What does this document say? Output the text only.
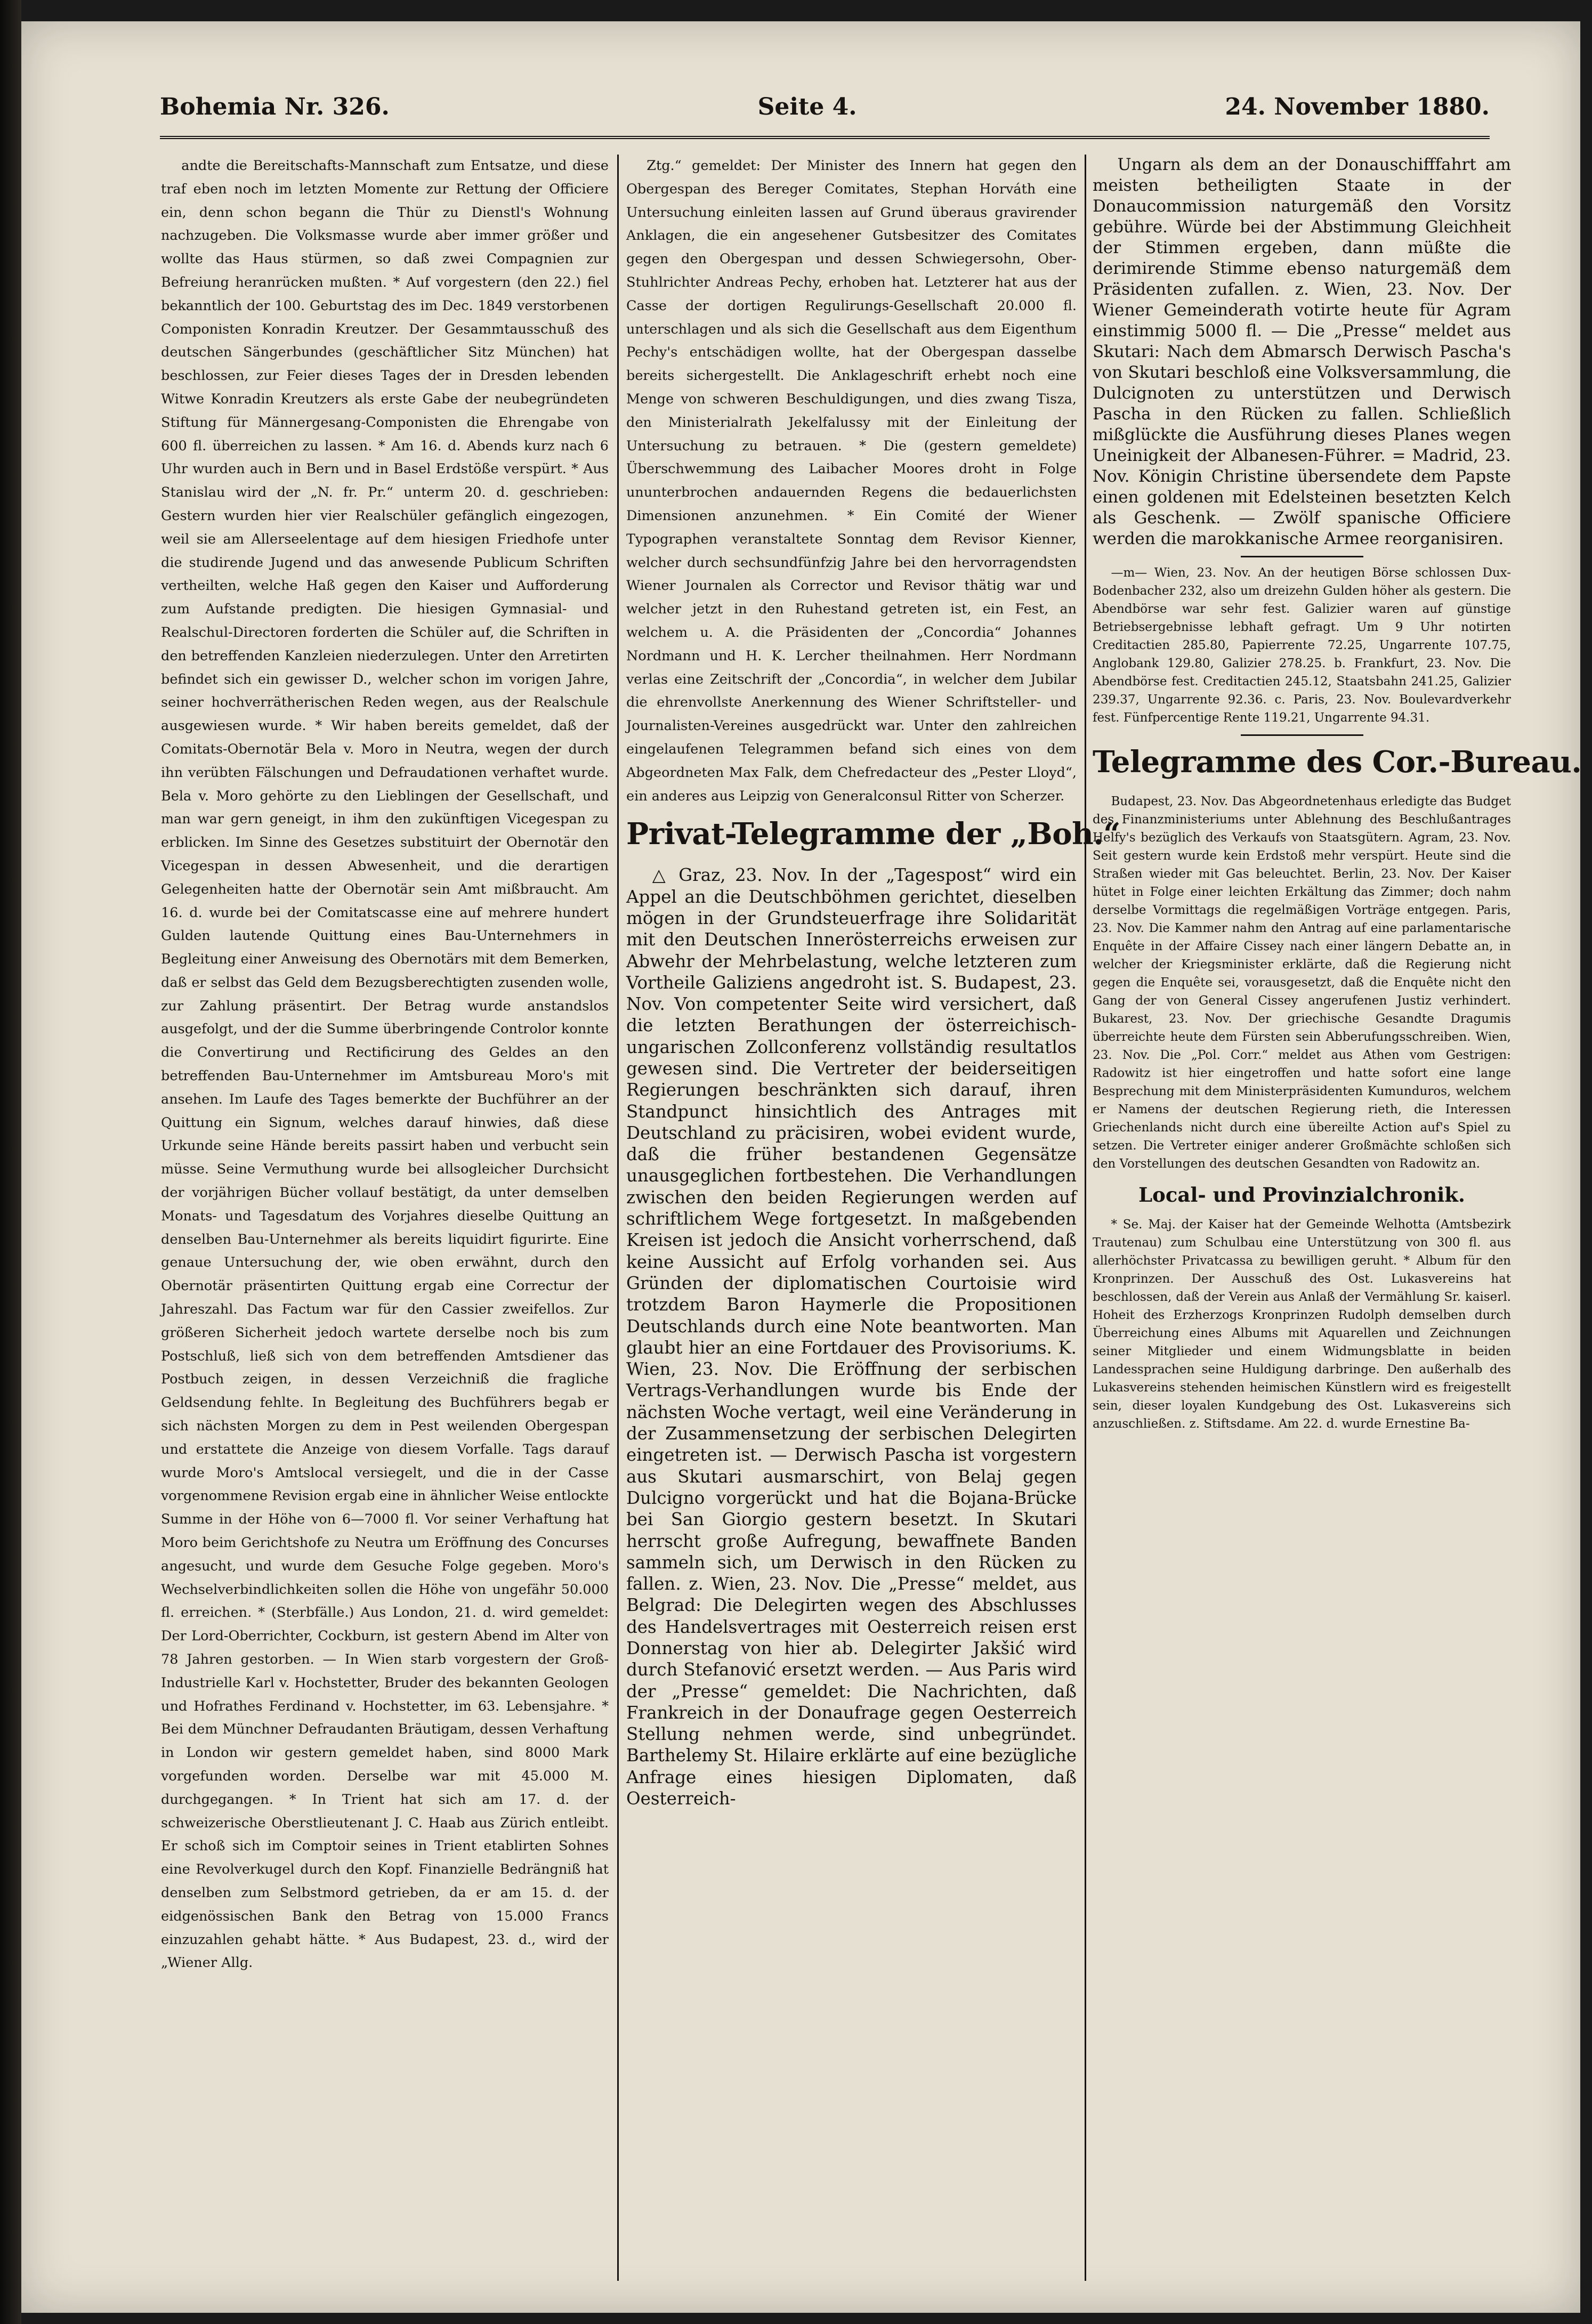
Bohemia Nr. 326.	Seite 4.	24. November 1880.

andte die Bereitschafts-Mannschaft zum Entsatze, und diese traf eben noch im letzten Momente zur Rettung der Officiere ein, denn schon begann die Thür zu Dienstl's Wohnung nachzugeben. Die Volksmasse wurde aber immer größer und wollte das Haus stürmen, so daß zwei Compagnien zur Befreiung heranrücken mußten. * Auf vorgestern (den 22.) fiel bekanntlich der 100. Geburtstag des im Dec. 1849 verstorbenen Componisten Konradin Kreutzer. Der Gesammtausschuß des deutschen Sängerbundes (geschäftlicher Sitz München) hat beschlossen, zur Feier dieses Tages der in Dresden lebenden Witwe Konradin Kreutzers als erste Gabe der neubegründeten Stiftung für Männergesang-Componisten die Ehrengabe von 600 fl. überreichen zu lassen. * Am 16. d. Abends kurz nach 6 Uhr wurden auch in Bern und in Basel Erdstöße verspürt. * Aus Stanislau wird der „N. fr. Pr.“ unterm 20. d. geschrieben: Gestern wurden hier vier Realschüler gefänglich eingezogen, weil sie am Allerseelentage auf dem hiesigen Friedhofe unter die studirende Jugend und das anwesende Publicum Schriften vertheilten, welche Haß gegen den Kaiser und Aufforderung zum Aufstande predigten. Die hiesigen Gymnasial- und Realschul-Directoren forderten die Schüler auf, die Schriften in den betreffenden Kanzleien niederzulegen. Unter den Arretirten befindet sich ein gewisser D., welcher schon im vorigen Jahre, seiner hochverrätherischen Reden wegen, aus der Realschule ausgewiesen wurde. * Wir haben bereits gemeldet, daß der Comitats-Obernotär Bela v. Moro in Neutra, wegen der durch ihn verübten Fälschungen und Defraudationen verhaftet wurde. Bela v. Moro gehörte zu den Lieblingen der Gesellschaft, und man war gern geneigt, in ihm den zukünftigen Vicegespan zu erblicken. Im Sinne des Gesetzes substituirt der Obernotär den Vicegespan in dessen Abwesenheit, und die derartigen Gelegenheiten hatte der Obernotär sein Amt mißbraucht. Am 16. d. wurde bei der Comitatscasse eine auf mehrere hundert Gulden lautende Quittung eines Bau-Unternehmers in Begleitung einer Anweisung des Obernotärs mit dem Bemerken, daß er selbst das Geld dem Bezugsberechtigten zusenden wolle, zur Zahlung präsentirt. Der Betrag wurde anstandslos ausgefolgt, und der die Summe überbringende Controlor konnte die Convertirung und Rectificirung des Geldes an den betreffenden Bau-Unternehmer im Amtsbureau Moro's mit ansehen. Im Laufe des Tages bemerkte der Buchführer an der Quittung ein Signum, welches darauf hinwies, daß diese Urkunde seine Hände bereits passirt haben und verbucht sein müsse. Seine Vermuthung wurde bei allsogleicher Durchsicht der vorjährigen Bücher vollauf bestätigt, da unter demselben Monats- und Tagesdatum des Vorjahres dieselbe Quittung an denselben Bau-Unternehmer als bereits liquidirt figurirte. Eine genaue Untersuchung der, wie oben erwähnt, durch den Obernotär präsentirten Quittung ergab eine Correctur der Jahreszahl. Das Factum war für den Cassier zweifellos. Zur größeren Sicherheit jedoch wartete derselbe noch bis zum Postschluß, ließ sich von dem betreffenden Amtsdiener das Postbuch zeigen, in dessen Verzeichniß die fragliche Geldsendung fehlte. In Begleitung des Buchführers begab er sich nächsten Morgen zu dem in Pest weilenden Obergespan und erstattete die Anzeige von diesem Vorfalle. Tags darauf wurde Moro's Amtslocal versiegelt, und die in der Casse vorgenommene Revision ergab eine in ähnlicher Weise entlockte Summe in der Höhe von 6—7000 fl. Vor seiner Verhaftung hat Moro beim Gerichtshofe zu Neutra um Eröffnung des Concurses angesucht, und wurde dem Gesuche Folge gegeben. Moro's Wechselverbindlichkeiten sollen die Höhe von ungefähr 50.000 fl. erreichen. * (Sterbfälle.) Aus London, 21. d. wird gemeldet: Der Lord-Oberrichter, Cockburn, ist gestern Abend im Alter von 78 Jahren gestorben. — In Wien starb vorgestern der Groß-Industrielle Karl v. Hochstetter, Bruder des bekannten Geologen und Hofrathes Ferdinand v. Hochstetter, im 63. Lebensjahre. * Bei dem Münchner Defraudanten Bräutigam, dessen Verhaftung in London wir gestern gemeldet haben, sind 8000 Mark vorgefunden worden. Derselbe war mit 45.000 M. durchgegangen. * In Trient hat sich am 17. d. der schweizerische Oberstlieutenant J. C. Haab aus Zürich entleibt. Er schoß sich im Comptoir seines in Trient etablirten Sohnes eine Revolverkugel durch den Kopf. Finanzielle Bedrängniß hat denselben zum Selbstmord getrieben, da er am 15. d. der eidgenössischen Bank den Betrag von 15.000 Francs einzuzahlen gehabt hätte. * Aus Budapest, 23. d., wird der „Wiener Allg.

Ztg.“ gemeldet: Der Minister des Innern hat gegen den Obergespan des Bereger Comitates, Stephan Horváth eine Untersuchung einleiten lassen auf Grund überaus gravirender Anklagen, die ein angesehener Gutsbesitzer des Comitates gegen den Obergespan und dessen Schwiegersohn, Ober-Stuhlrichter Andreas Pechy, erhoben hat. Letzterer hat aus der Casse der dortigen Regulirungs-Gesellschaft 20.000 fl. unterschlagen und als sich die Gesellschaft aus dem Eigenthum Pechy's entschädigen wollte, hat der Obergespan dasselbe bereits sichergestellt. Die Anklageschrift erhebt noch eine Menge von schweren Beschuldigungen, und dies zwang Tisza, den Ministerialrath Jekelfalussy mit der Einleitung der Untersuchung zu betrauen. * Die (gestern gemeldete) Überschwemmung des Laibacher Moores droht in Folge ununterbrochen andauernden Regens die bedauerlichsten Dimensionen anzunehmen. * Ein Comité der Wiener Typographen veranstaltete Sonntag dem Revisor Kienner, welcher durch sechsundfünfzig Jahre bei den hervorragendsten Wiener Journalen als Corrector und Revisor thätig war und welcher jetzt in den Ruhestand getreten ist, ein Fest, an welchem u. A. die Präsidenten der „Concordia“ Johannes Nordmann und H. K. Lercher theilnahmen. Herr Nordmann verlas eine Zeitschrift der „Concordia“, in welcher dem Jubilar die ehrenvollste Anerkennung des Wiener Schriftsteller- und Journalisten-Vereines ausgedrückt war. Unter den zahlreichen eingelaufenen Telegrammen befand sich eines von dem Abgeordneten Max Falk, dem Chefredacteur des „Pester Lloyd“, ein anderes aus Leipzig von Generalconsul Ritter von Scherzer.

Privat-Telegramme der „Boh.“

△ Graz, 23. Nov. In der „Tagespost“ wird ein Appel an die Deutschböhmen gerichtet, dieselben mögen in der Grundsteuerfrage ihre Solidarität mit den Deutschen Innerösterreichs erweisen zur Abwehr der Mehrbelastung, welche letzteren zum Vortheile Galiziens angedroht ist. S. Budapest, 23. Nov. Von competenter Seite wird versichert, daß die letzten Berathungen der österreichisch-ungarischen Zollconferenz vollständig resultatlos gewesen sind. Die Vertreter der beiderseitigen Regierungen beschränkten sich darauf, ihren Standpunct hinsichtlich des Antrages mit Deutschland zu präcisiren, wobei evident wurde, daß die früher bestandenen Gegensätze unausgeglichen fortbestehen. Die Verhandlungen zwischen den beiden Regierungen werden auf schriftlichem Wege fortgesetzt. In maßgebenden Kreisen ist jedoch die Ansicht vorherrschend, daß keine Aussicht auf Erfolg vorhanden sei. Aus Gründen der diplomatischen Courtoisie wird trotzdem Baron Haymerle die Propositionen Deutschlands durch eine Note beantworten. Man glaubt hier an eine Fortdauer des Provisoriums. K. Wien, 23. Nov. Die Eröffnung der serbischen Vertrags-Verhandlungen wurde bis Ende der nächsten Woche vertagt, weil eine Veränderung in der Zusammensetzung der serbischen Delegirten eingetreten ist. — Derwisch Pascha ist vorgestern aus Skutari ausmarschirt, von Belaj gegen Dulcigno vorgerückt und hat die Bojana-Brücke bei San Giorgio gestern besetzt. In Skutari herrscht große Aufregung, bewaffnete Banden sammeln sich, um Derwisch in den Rücken zu fallen. z. Wien, 23. Nov. Die „Presse“ meldet, aus Belgrad: Die Delegirten wegen des Abschlusses des Handelsvertrages mit Oesterreich reisen erst Donnerstag von hier ab. Delegirter Jakšić wird durch Stefanović ersetzt werden. — Aus Paris wird der „Presse“ gemeldet: Die Nachrichten, daß Frankreich in der Donaufrage gegen Oesterreich Stellung nehmen werde, sind unbegründet. Barthelemy St. Hilaire erklärte auf eine bezügliche Anfrage eines hiesigen Diplomaten, daß Oesterreich-

Ungarn als dem an der Donauschifffahrt am meisten betheiligten Staate in der Donaucommission naturgemäß den Vorsitz gebühre. Würde bei der Abstimmung Gleichheit der Stimmen ergeben, dann müßte die derimirende Stimme ebenso naturgemäß dem Präsidenten zufallen. z. Wien, 23. Nov. Der Wiener Gemeinderath votirte heute für Agram einstimmig 5000 fl. — Die „Presse“ meldet aus Skutari: Nach dem Abmarsch Derwisch Pascha's von Skutari beschloß eine Volksversammlung, die Dulcignoten zu unterstützen und Derwisch Pascha in den Rücken zu fallen. Schließlich mißglückte die Ausführung dieses Planes wegen Uneinigkeit der Albanesen-Führer. = Madrid, 23. Nov. Königin Christine übersendete dem Papste einen goldenen mit Edelsteinen besetzten Kelch als Geschenk. — Zwölf spanische Officiere werden die marokkanische Armee reorganisiren.

—m— Wien, 23. Nov. An der heutigen Börse schlossen Dux-Bodenbacher 232, also um dreizehn Gulden höher als gestern. Die Abendbörse war sehr fest. Galizier waren auf günstige Betriebsergebnisse lebhaft gefragt. Um 9 Uhr notirten Creditactien 285.80, Papierrente 72.25, Ungarrente 107.75, Anglobank 129.80, Galizier 278.25. b. Frankfurt, 23. Nov. Die Abendbörse fest. Creditactien 245.12, Staatsbahn 241.25, Galizier 239.37, Ungarrente 92.36. c. Paris, 23. Nov. Boulevardverkehr fest. Fünfpercentige Rente 119.21, Ungarrente 94.31.

Telegramme des Cor.-Bureau.

Budapest, 23. Nov. Das Abgeordnetenhaus erledigte das Budget des Finanzministeriums unter Ablehnung des Beschlußantrages Helfy's bezüglich des Verkaufs von Staatsgütern. Agram, 23. Nov. Seit gestern wurde kein Erdstoß mehr verspürt. Heute sind die Straßen wieder mit Gas beleuchtet. Berlin, 23. Nov. Der Kaiser hütet in Folge einer leichten Erkältung das Zimmer; doch nahm derselbe Vormittags die regelmäßigen Vorträge entgegen. Paris, 23. Nov. Die Kammer nahm den Antrag auf eine parlamentarische Enquête in der Affaire Cissey nach einer längern Debatte an, in welcher der Kriegsminister erklärte, daß die Regierung nicht gegen die Enquête sei, vorausgesetzt, daß die Enquête nicht den Gang der von General Cissey angerufenen Justiz verhindert. Bukarest, 23. Nov. Der griechische Gesandte Dragumis überreichte heute dem Fürsten sein Abberufungsschreiben. Wien, 23. Nov. Die „Pol. Corr.“ meldet aus Athen vom Gestrigen: Radowitz ist hier eingetroffen und hatte sofort eine lange Besprechung mit dem Ministerpräsidenten Kumunduros, welchem er Namens der deutschen Regierung rieth, die Interessen Griechenlands nicht durch eine übereilte Action auf's Spiel zu setzen. Die Vertreter einiger anderer Großmächte schloßen sich den Vorstellungen des deutschen Gesandten von Radowitz an.

Local- und Provinzialchronik.

* Se. Maj. der Kaiser hat der Gemeinde Welhotta (Amtsbezirk Trautenau) zum Schulbau eine Unterstützung von 300 fl. aus allerhöchster Privatcassa zu bewilligen geruht. * Album für den Kronprinzen. Der Ausschuß des Ost. Lukasvereins hat beschlossen, daß der Verein aus Anlaß der Vermählung Sr. kaiserl. Hoheit des Erzherzogs Kronprinzen Rudolph demselben durch Überreichung eines Albums mit Aquarellen und Zeichnungen seiner Mitglieder und einem Widmungsblatte in beiden Landessprachen seine Huldigung darbringe. Den außerhalb des Lukasvereins stehenden heimischen Künstlern wird es freigestellt sein, dieser loyalen Kundgebung des Ost. Lukasvereins sich anzuschließen. z. Stiftsdame. Am 22. d. wurde Ernestine Ba-
